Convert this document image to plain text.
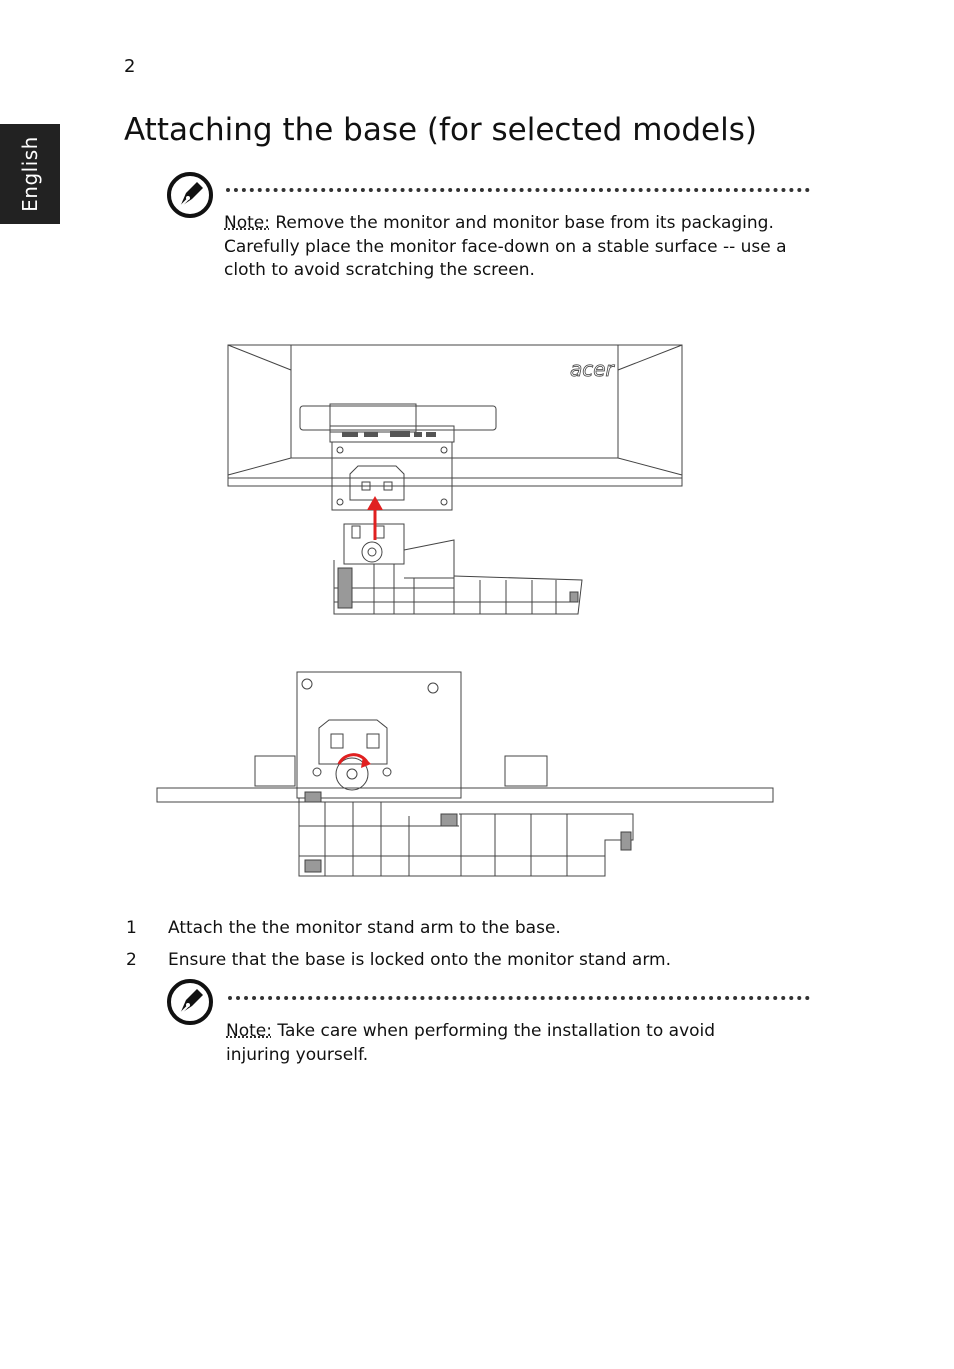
2
English
Attaching the base (for selected models)
Note: Remove the monitor and monitor base from its packaging. Carefully place the monitor face-down on a stable surface -- use a cloth to avoid scratching the screen.
acer
1 Attach the the monitor stand arm to the base.
2 Ensure that the base is locked onto the monitor stand arm.
Note: Take care when performing the installation to avoid injuring yourself.
